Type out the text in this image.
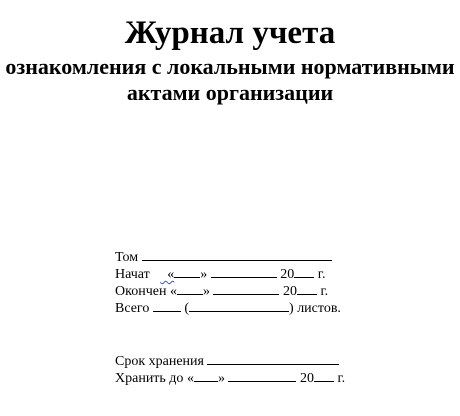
Журнал учета
ознакомления с локальными нормативными
актами организации
Том
Начат « »	20 г.
Окончен « »	20 г.
Всего	(	) листов.
Срок хранения
Хранить до « »	20 г.
